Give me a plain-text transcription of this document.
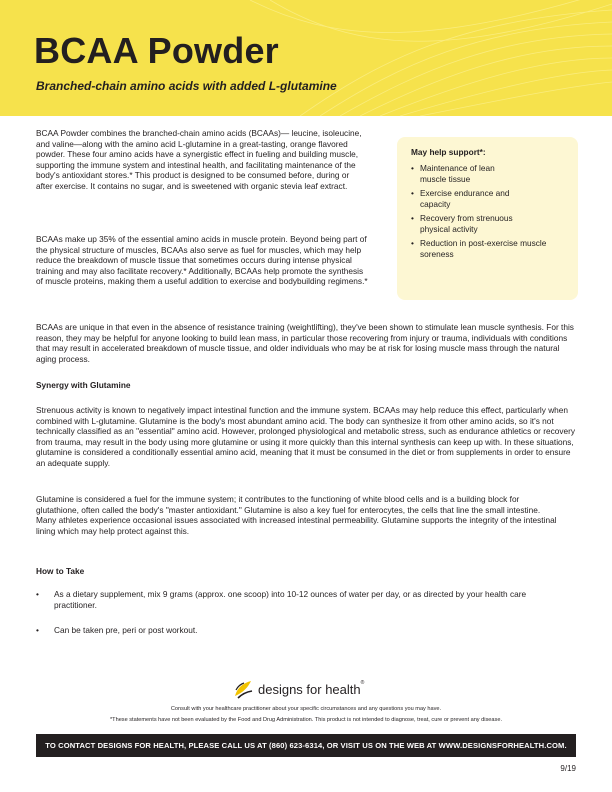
BCAA Powder
Branched-chain amino acids with added L-glutamine

BCAA Powder combines the branched-chain amino acids (BCAAs)— leucine, isoleucine, and valine—along with the amino acid L-glutamine in a great-tasting, orange flavored powder. These four amino acids have a synergistic effect in fueling and building muscle, supporting the immune system and intestinal health, and facilitating maintenance of the body's antioxidant stores.* This product is designed to be consumed before, during or after exercise. It contains no sugar, and is sweetened with organic stevia leaf extract.

BCAAs make up 35% of the essential amino acids in muscle protein. Beyond being part of the physical structure of muscles, BCAAs also serve as fuel for muscles, which may help reduce the breakdown of muscle tissue that sometimes occurs during intense physical training and may also facilitate recovery.* Additionally, BCAAs help promote the synthesis of muscle proteins, making them a useful addition to exercise and bodybuilding regimens.*

May help support*:
• Maintenance of lean muscle tissue
• Exercise endurance and capacity
• Recovery from strenuous physical activity
• Reduction in post-exercise muscle soreness

BCAAs are unique in that even in the absence of resistance training (weightlifting), they've been shown to stimulate lean muscle synthesis. For this reason, they may be helpful for anyone looking to build lean mass, in particular those recovering from injury or trauma, individuals with conditions that may result in accelerated breakdown of muscle tissue, and older individuals who may be at risk for losing muscle mass through the natural aging process.

Synergy with Glutamine

Strenuous activity is known to negatively impact intestinal function and the immune system. BCAAs may help reduce this effect, particularly when combined with L-glutamine. Glutamine is the body's most abundant amino acid. The body can synthesize it from other amino acids, so it's not technically classified as an "essential" amino acid. However, prolonged physiological and metabolic stress, such as endurance athletics or recovery from trauma, may result in the body using more glutamine or using it more quickly than this internal synthesis can keep up with. In these situations, glutamine is considered a conditionally essential amino acid, meaning that it must be consumed in the diet or from supplements in order to ensure an adequate supply.

Glutamine is considered a fuel for the immune system; it contributes to the functioning of white blood cells and is a building block for glutathione, often called the body's "master antioxidant." Glutamine is also a key fuel for enterocytes, the cells that line the small intestine. Many athletes experience occasional issues associated with increased intestinal permeability. Glutamine supports the integrity of the intestinal lining which may help protect against this.

How to Take
•	As a dietary supplement, mix 9 grams (approx. one scoop) into 10-12 ounces of water per day, or as directed by your health care practitioner.
•	Can be taken pre, peri or post workout.
designs for health ®
Consult with your healthcare practitioner about your specific circumstances and any questions you may have.
*These statements have not been evaluated by the Food and Drug Administration. This product is not intended to diagnose, treat, cure or prevent any disease.
TO CONTACT DESIGNS FOR HEALTH, PLEASE CALL US AT (860) 623-6314, OR VISIT US ON THE WEB AT WWW.DESIGNSFORHEALTH.COM.
9/19
